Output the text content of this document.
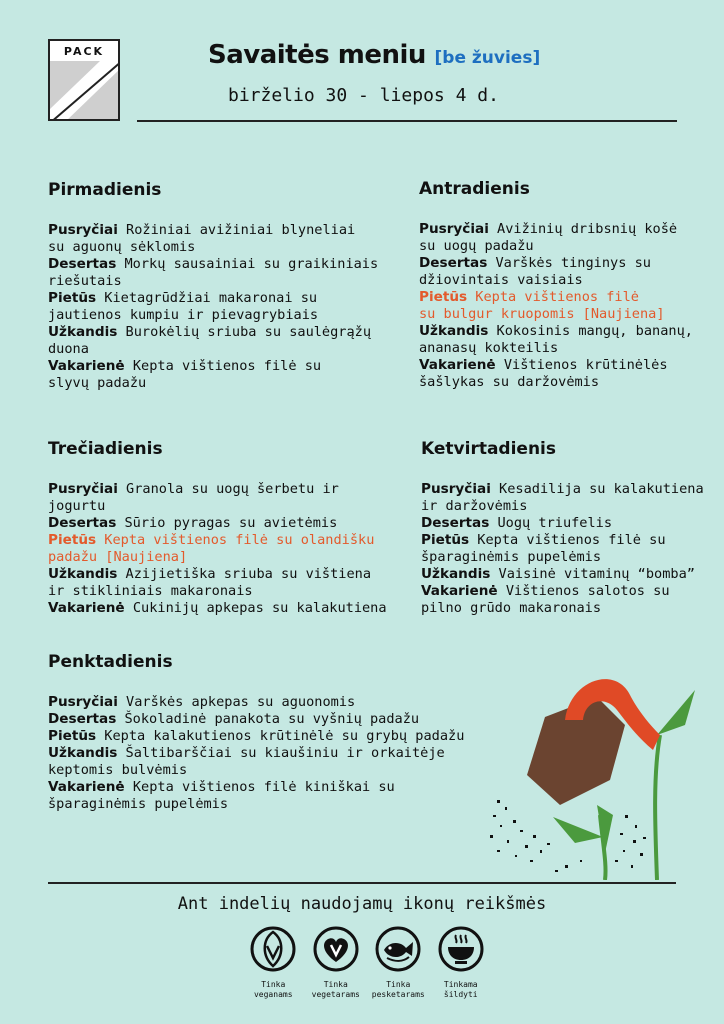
PACK	Savaitės meniu [be žuvies]
birželio 30 - liepos 4 d.
Pirmadienis
Pusryčiai Rožiniai avižiniai blyneliai
su aguonų sėklomis
Desertas Morkų sausainiai su graikiniais
riešutais
Pietūs Kietagrūdžiai makaronai su
jautienos kumpiu ir pievagrybiais
Užkandis Burokėlių sriuba su saulėgrąžų
duona
Vakarienė Kepta vištienos filė su
slyvų padažu
Antradienis
Pusryčiai Avižinių dribsnių košė
su uogų padažu
Desertas Varškės tinginys su
džiovintais vaisiais
Pietūs Kepta vištienos filė
su bulgur kruopomis [Naujiena]
Užkandis Kokosinis mangų, bananų,
ananasų kokteilis
Vakarienė Vištienos krūtinėlės
šašlykas su daržovėmis
Trečiadienis
Pusryčiai Granola su uogų šerbetu ir
jogurtu
Desertas Sūrio pyragas su avietėmis
Pietūs Kepta vištienos filė su olandišku
padažu [Naujiena]
Užkandis Azijietiška sriuba su vištiena
ir stikliniais makaronais
Vakarienė Cukinijų apkepas su kalakutiena
Ketvirtadienis
Pusryčiai Kesadilija su kalakutiena
ir daržovėmis
Desertas Uogų triufelis
Pietūs Kepta vištienos filė su
šparaginėmis pupelėmis
Užkandis Vaisinė vitaminų “bomba”
Vakarienė Vištienos salotos su
pilno grūdo makaronais
Penktadienis
Pusryčiai Varškės apkepas su aguonomis
Desertas Šokoladinė panakota su vyšnių padažu
Pietūs Kepta kalakutienos krūtinėlė su grybų padažu
Užkandis Šaltibarščiai su kiaušiniu ir orkaitėje
keptomis bulvėmis
Vakarienė Kepta vištienos filė kiniškai su
šparaginėmis pupelėmis
Ant indelių naudojamų ikonų reikšmės
Tinka
veganams
Tinka
vegetarams
Tinka
pesketarams
Tinkama
šildyti
